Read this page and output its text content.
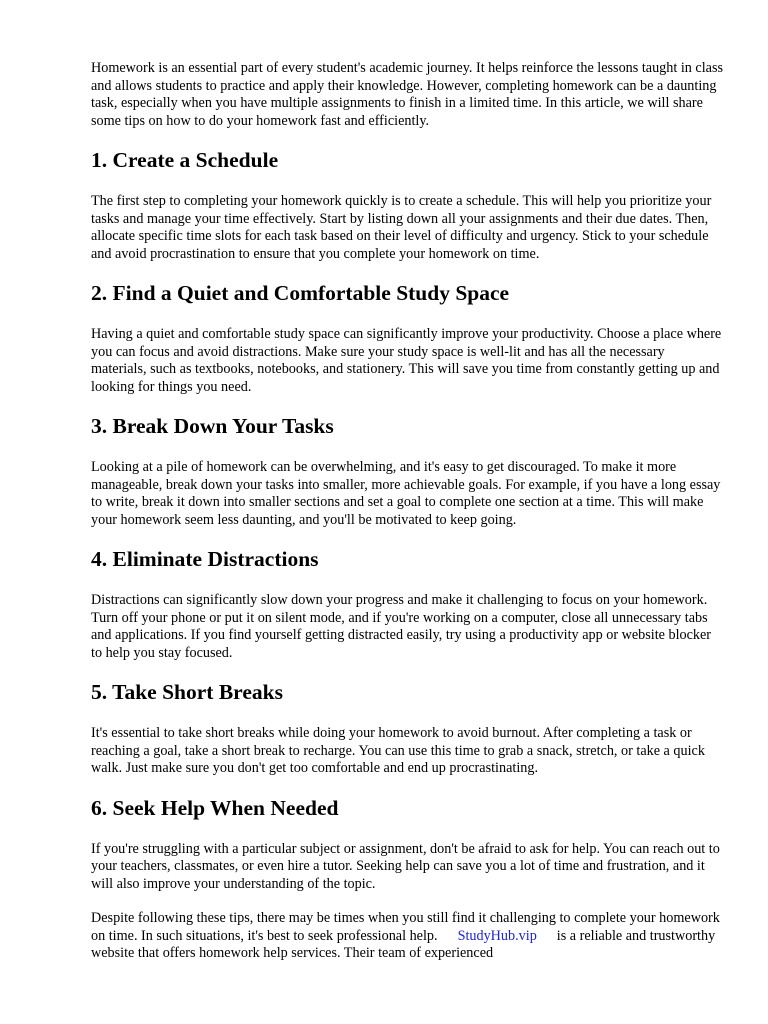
Homework is an essential part of every student's academic journey. It helps reinforce the lessons taught in class and allows students to practice and apply their knowledge. However, completing homework can be a daunting task, especially when you have multiple assignments to finish in a limited time. In this article, we will share some tips on how to do your homework fast and efficiently.

1. Create a Schedule

The first step to completing your homework quickly is to create a schedule. This will help you prioritize your tasks and manage your time effectively. Start by listing down all your assignments and their due dates. Then, allocate specific time slots for each task based on their level of difficulty and urgency. Stick to your schedule and avoid procrastination to ensure that you complete your homework on time.

2. Find a Quiet and Comfortable Study Space

Having a quiet and comfortable study space can significantly improve your productivity. Choose a place where you can focus and avoid distractions. Make sure your study space is well-lit and has all the necessary materials, such as textbooks, notebooks, and stationery. This will save you time from constantly getting up and looking for things you need.

3. Break Down Your Tasks

Looking at a pile of homework can be overwhelming, and it's easy to get discouraged. To make it more manageable, break down your tasks into smaller, more achievable goals. For example, if you have a long essay to write, break it down into smaller sections and set a goal to complete one section at a time. This will make your homework seem less daunting, and you'll be motivated to keep going.

4. Eliminate Distractions

Distractions can significantly slow down your progress and make it challenging to focus on your homework. Turn off your phone or put it on silent mode, and if you're working on a computer, close all unnecessary tabs and applications. If you find yourself getting distracted easily, try using a productivity app or website blocker to help you stay focused.

5. Take Short Breaks

It's essential to take short breaks while doing your homework to avoid burnout. After completing a task or reaching a goal, take a short break to recharge. You can use this time to grab a snack, stretch, or take a quick walk. Just make sure you don't get too comfortable and end up procrastinating.

6. Seek Help When Needed

If you're struggling with a particular subject or assignment, don't be afraid to ask for help. You can reach out to your teachers, classmates, or even hire a tutor. Seeking help can save you a lot of time and frustration, and it will also improve your understanding of the topic.

Despite following these tips, there may be times when you still find it challenging to complete your homework on time. In such situations, it's best to seek professional help. StudyHub.vip is a reliable and trustworthy website that offers homework help services. Their team of experienced
